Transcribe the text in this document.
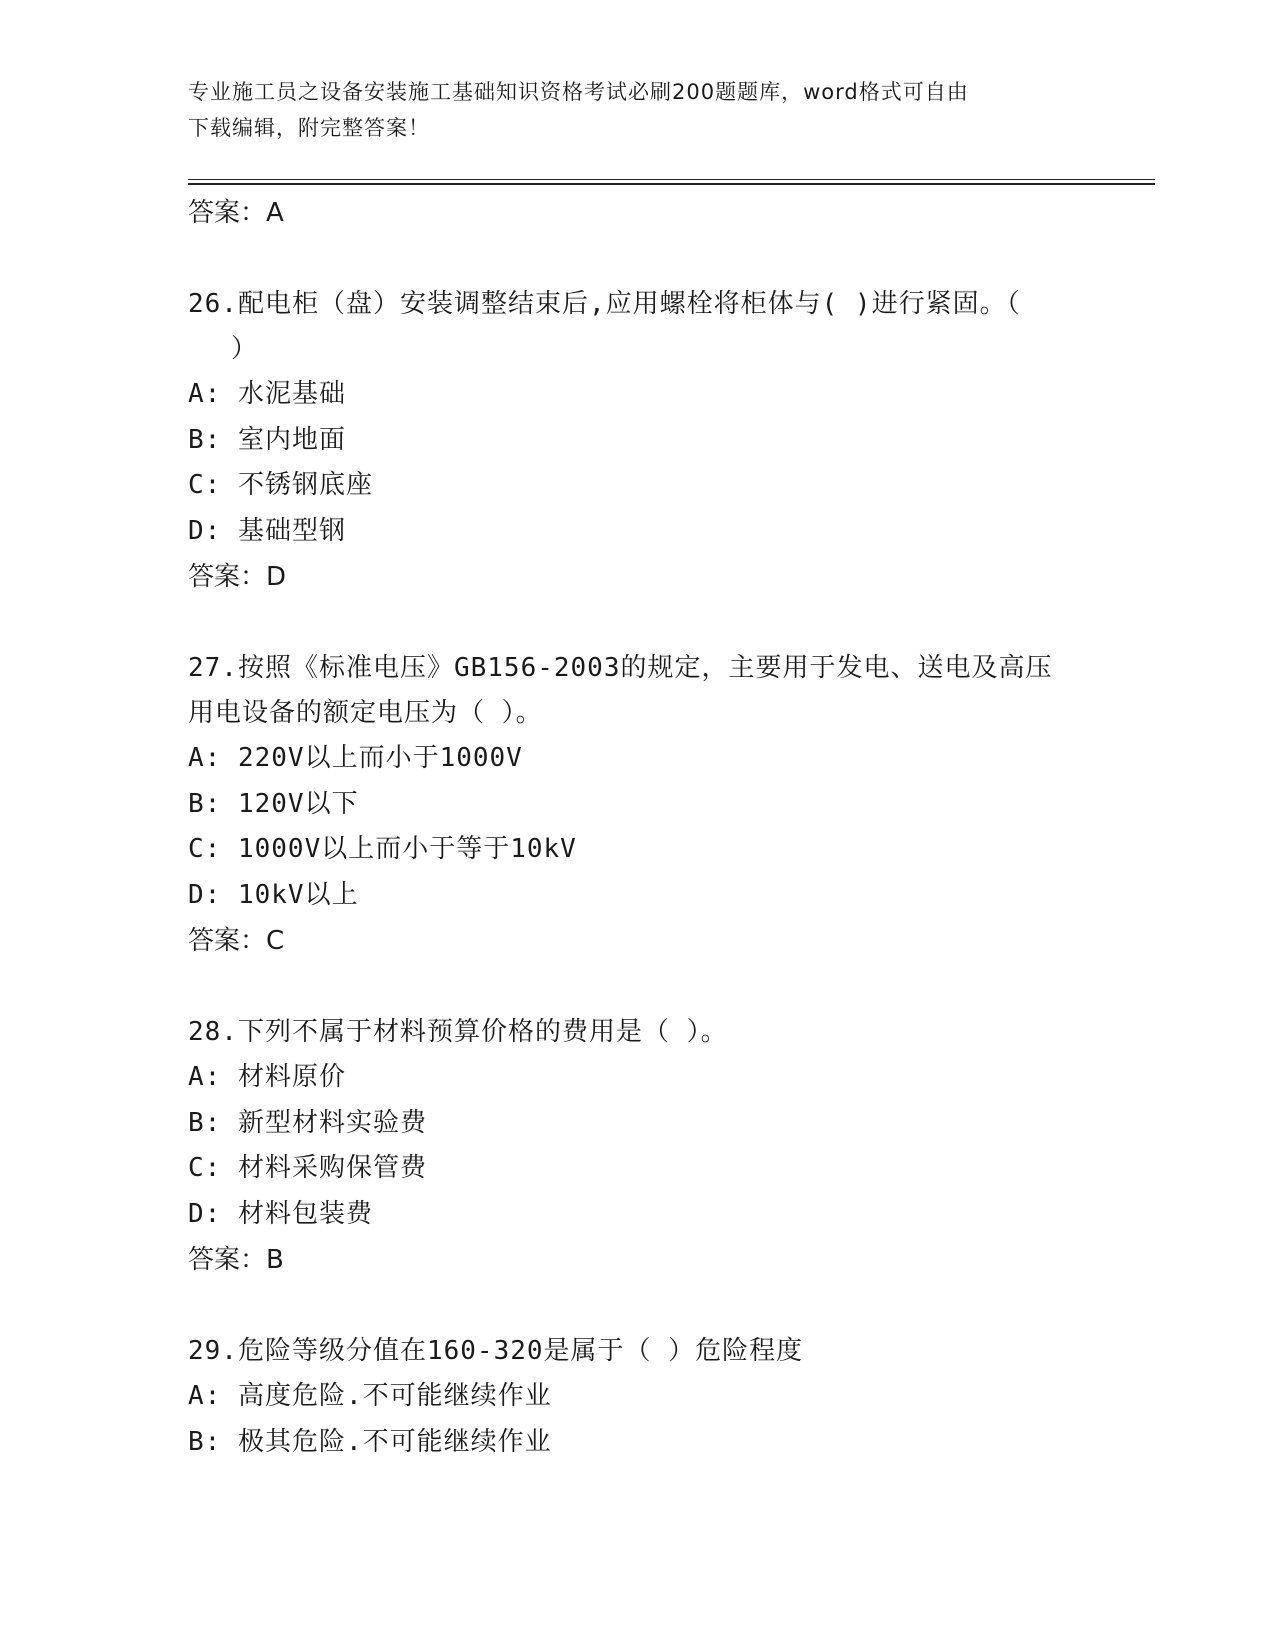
专业施工员之设备安装施工基础知识资格考试必刷200题题库，word格式可自由
下载编辑，附完整答案！

答案：A

26.配电柜（盘）安装调整结束后,应用螺栓将柜体与( )进行紧固。（

）

A: 水泥基础

B: 室内地面

C: 不锈钢底座

D: 基础型钢

答案：D

27.按照《标准电压》GB156-2003的规定，主要用于发电、送电及高压

用电设备的额定电压为（ ）。

A: 220V以上而小于1000V

B: 120V以下

C: 1000V以上而小于等于10kV

D: 10kV以上

答案：C

28.下列不属于材料预算价格的费用是（ ）。

A: 材料原价

B: 新型材料实验费

C: 材料采购保管费

D: 材料包装费

答案：B

29.危险等级分值在160-320是属于（ ）危险程度

A: 高度危险.不可能继续作业

B: 极其危险.不可能继续作业
